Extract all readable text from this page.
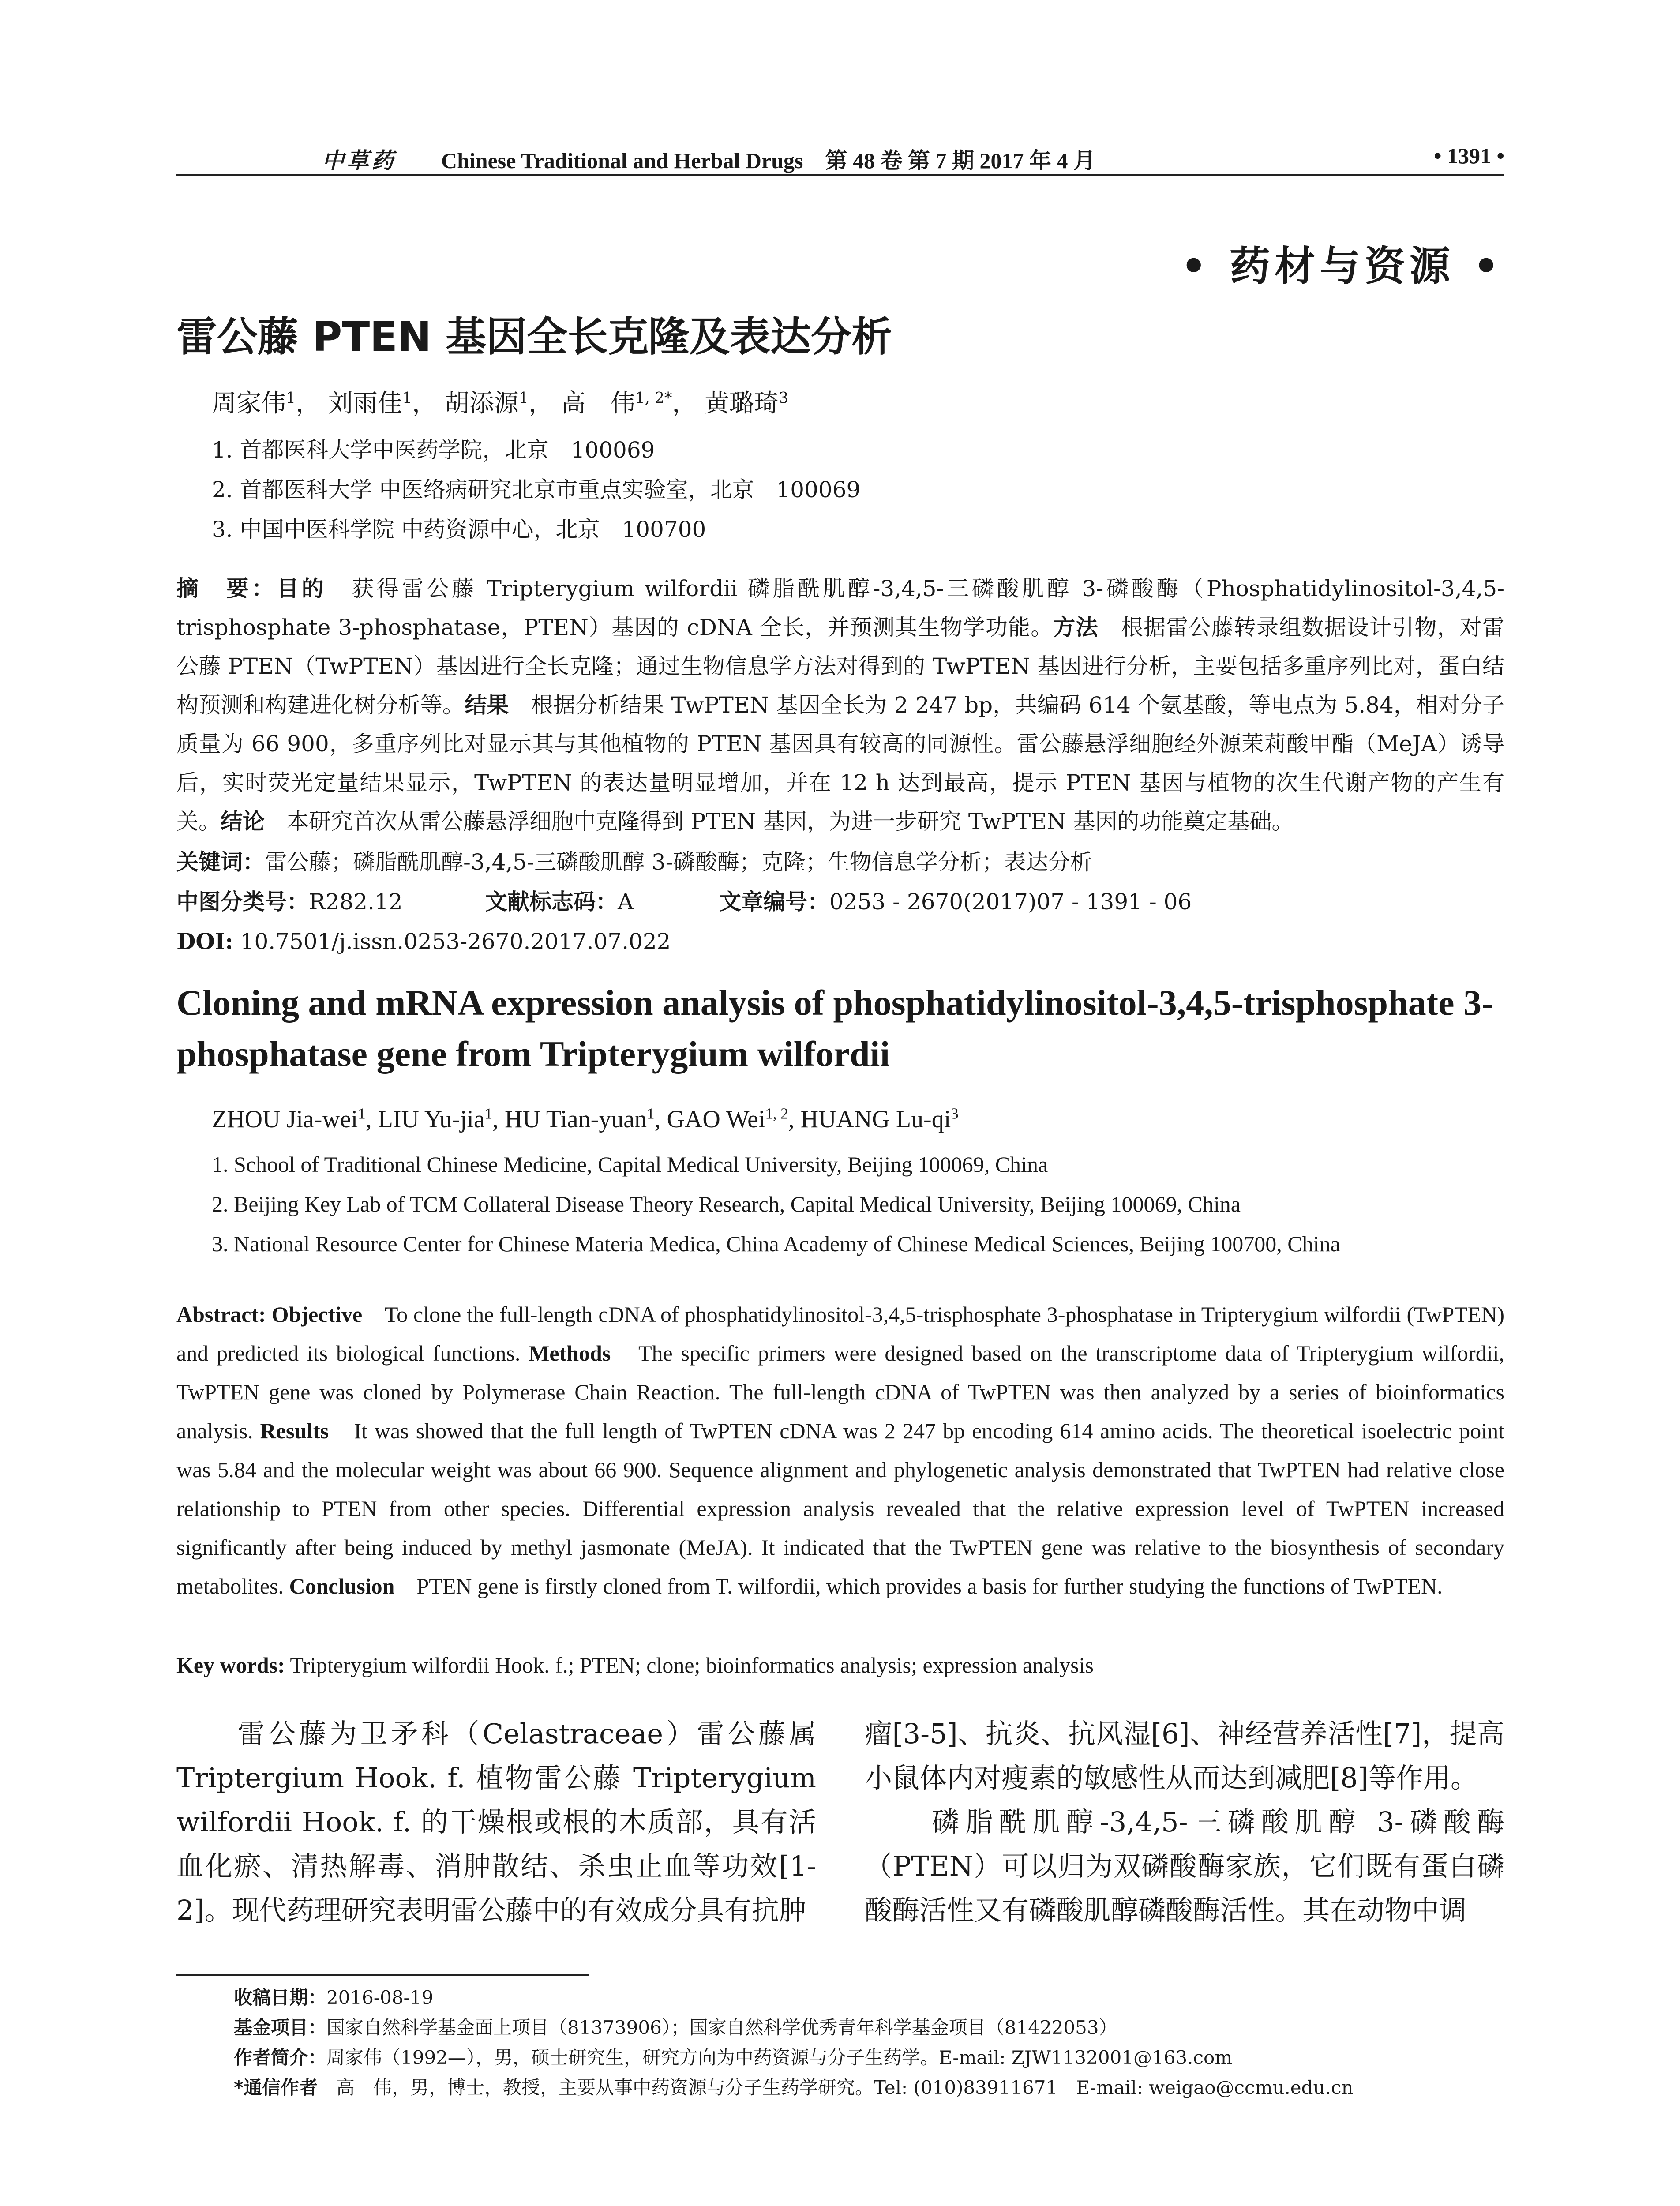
中草药 Chinese Traditional and Herbal Drugs　第 48 卷 第 7 期 2017 年 4 月	• 1391 •
• 药材与资源 •
雷公藤 PTEN 基因全长克隆及表达分析
周家伟$^1$， 刘雨佳$^1$， 胡添源$^1$， 高　伟$^{1, 2*}$， 黄璐琦$^3$
1. 首都医科大学中医药学院，北京　100069
2. 首都医科大学 中医络病研究北京市重点实验室，北京　100069
3. 中国中医科学院 中药资源中心，北京　100700
摘　要：目的　获得雷公藤 Tripterygium wilfordii 磷脂酰肌醇-3,4,5-三磷酸肌醇 3-磷酸酶（Phosphatidylinositol-3,4,5-trisphosphate 3-phosphatase，PTEN）基因的 cDNA 全长，并预测其生物学功能。方法　根据雷公藤转录组数据设计引物，对雷公藤 PTEN（TwPTEN）基因进行全长克隆；通过生物信息学方法对得到的 TwPTEN 基因进行分析，主要包括多重序列比对，蛋白结构预测和构建进化树分析等。结果　根据分析结果 TwPTEN 基因全长为 2 247 bp，共编码 614 个氨基酸，等电点为 5.84，相对分子质量为 66 900，多重序列比对显示其与其他植物的 PTEN 基因具有较高的同源性。雷公藤悬浮细胞经外源茉莉酸甲酯（MeJA）诱导后，实时荧光定量结果显示，TwPTEN 的表达量明显增加，并在 12 h 达到最高，提示 PTEN 基因与植物的次生代谢产物的产生有关。结论　本研究首次从雷公藤悬浮细胞中克隆得到 PTEN 基因，为进一步研究 TwPTEN 基因的功能奠定基础。
关键词：雷公藤；磷脂酰肌醇-3,4,5-三磷酸肌醇 3-磷酸酶；克隆；生物信息学分析；表达分析
中图分类号：R282.12	文献标志码：A	文章编号：0253 - 2670(2017)07 - 1391 - 06
DOI: 10.7501/j.issn.0253-2670.2017.07.022
Cloning and mRNA expression analysis of phosphatidylinositol-3,4,5-trisphosphate 3-phosphatase gene from Tripterygium wilfordii
ZHOU Jia-wei$^1$, LIU Yu-jia$^1$, HU Tian-yuan$^1$, GAO Wei$^{1, 2}$, HUANG $Lu-qi^3$
1. School of Traditional Chinese Medicine, Capital Medical University, Beijing 100069, China
2. Beijing Key Lab of TCM Collateral Disease Theory Research, Capital Medical University, Beijing 100069, China
3. National Resource Center for Chinese Materia Medica, China Academy of Chinese Medical Sciences, Beijing 100700, China
Abstract: Objective　To clone the full-length cDNA of phosphatidylinositol-3,4,5-trisphosphate 3-phosphatase in Tripterygium wilfordii (TwPTEN) and predicted its biological functions. Methods　The specific primers were designed based on the transcriptome data of Tripterygium wilfordii, TwPTEN gene was cloned by Polymerase Chain Reaction. The full-length cDNA of TwPTEN was then analyzed by a series of bioinformatics analysis. Results　It was showed that the full length of TwPTEN cDNA was 2 247 bp encoding 614 amino acids. The theoretical isoelectric point was 5.84 and the molecular weight was about 66 900. Sequence alignment and phylogenetic analysis demonstrated that TwPTEN had relative close relationship to PTEN from other species. Differential expression analysis revealed that the relative expression level of TwPTEN increased significantly after being induced by methyl jasmonate (MeJA). It indicated that the TwPTEN gene was relative to the biosynthesis of secondary metabolites. Conclusion　PTEN gene is firstly cloned from T. wilfordii, which provides a basis for further studying the functions of TwPTEN.
Key words: Tripterygium wilfordii Hook. f.; PTEN; clone; bioinformatics analysis; expression analysis
　　雷公藤为卫矛科（Celastraceae）雷公藤属 Triptergium Hook. f. 植物雷公藤 Tripterygium wilfordii Hook. f. 的干燥根或根的木质部，具有活血化瘀、清热解毒、消肿散结、杀虫止血等功效[1-2]。现代药理研究表明雷公藤中的有效成分具有抗肿
瘤[3-5]、抗炎、抗风湿[6]、神经营养活性[7]，提高小鼠体内对瘦素的敏感性从而达到减肥[8]等作用。
　　磷脂酰肌醇-3,4,5-三磷酸肌醇 3-磷酸酶（PTEN）可以归为双磷酸酶家族，它们既有蛋白磷酸酶活性又有磷酸肌醇磷酸酶活性。其在动物中调
收稿日期：2016-08-19
基金项目：国家自然科学基金面上项目（81373906）；国家自然科学优秀青年科学基金项目（81422053）
作者简介：周家伟（1992—），男，硕士研究生，研究方向为中药资源与分子生药学。E-mail: ZJW1132001@163.com
*通信作者　高　伟，男，博士，教授，主要从事中药资源与分子生药学研究。Tel: (010)83911671　E-mail: weigao@ccmu.edu.cn
